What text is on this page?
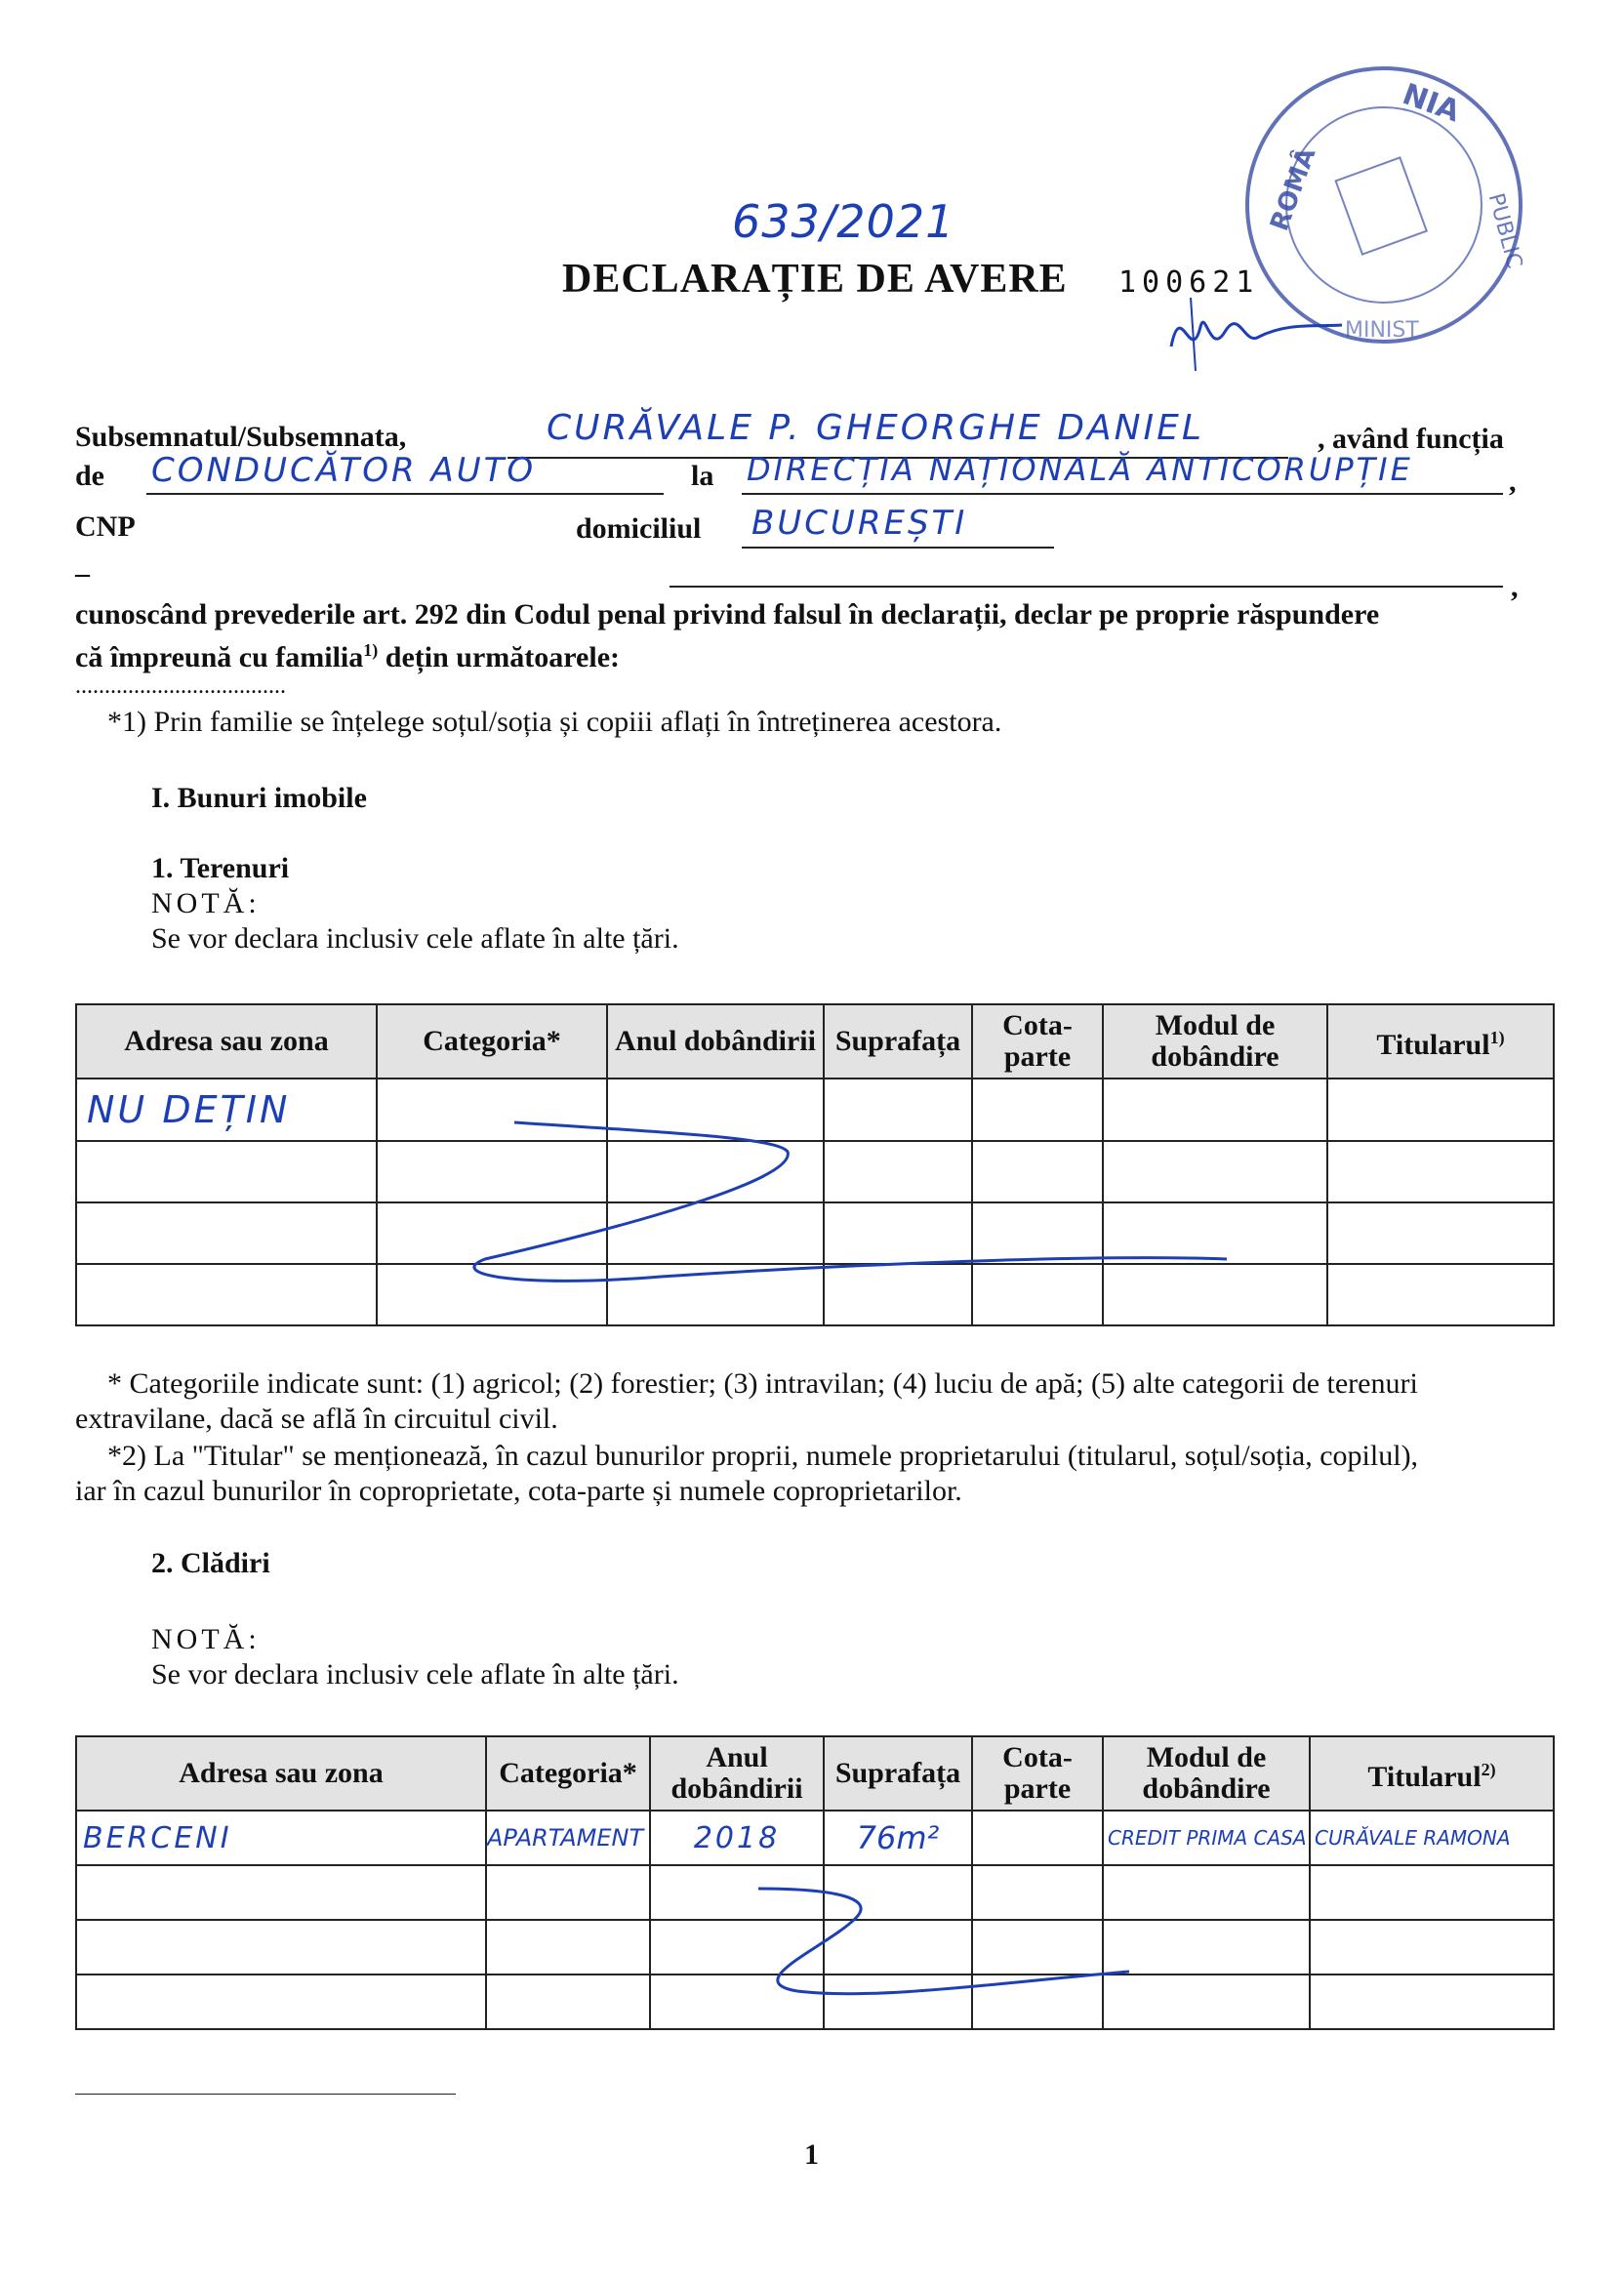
633/2021
DECLARAȚIE DE AVERE 100621
NIA
ROMÂ	PUBLIC
MINIST
Subsemnatul/Subsemnata,	CURĂVALE P. GHEORGHE DANIEL	, având funcția
de CONDUCĂTOR AUTO	la DIRECȚIA NAȚIONALĂ ANTICORUPȚIE	,
CNP	domiciliul BUCUREȘTI
–	,
cunoscând prevederile art. 292 din Codul penal privind falsul în declarații, declar pe proprie răspundere
că împreună cu familia$^{1)}$ dețin următoarele:
....................................
*1) Prin familie se înțelege soțul/soția și copiii aflați în întreținerea acestora.
I. Bunuri imobile
1. Terenuri
NOTĂ:
Se vor declara inclusiv cele aflate în alte țări.
Adresa sau zona	Categoria*	Anul dobândirii	Suprafața	Cota-parte	Modul de dobândire	Titularul$^{1)}$
NU DEȚIN						

* Categoriile indicate sunt: (1) agricol; (2) forestier; (3) intravilan; (4) luciu de apă; (5) alte categorii de terenuri
extravilane, dacă se află în circuitul civil.
*2) La "Titular" se menționează, în cazul bunurilor proprii, numele proprietarului (titularul, soțul/soția, copilul),
iar în cazul bunurilor în coproprietate, cota-parte și numele coproprietarilor.
2. Clădiri
NOTĂ:
Se vor declara inclusiv cele aflate în alte țări.
Adresa sau zona	Categoria*	Anul dobândirii	Suprafața	Cota-parte	Modul de dobândire	Titularul$^{2)}$
BERCENI	APARTAMENT	2018	76m²		CREDIT PRIMA CASA	CURĂVALE RAMONA

1
